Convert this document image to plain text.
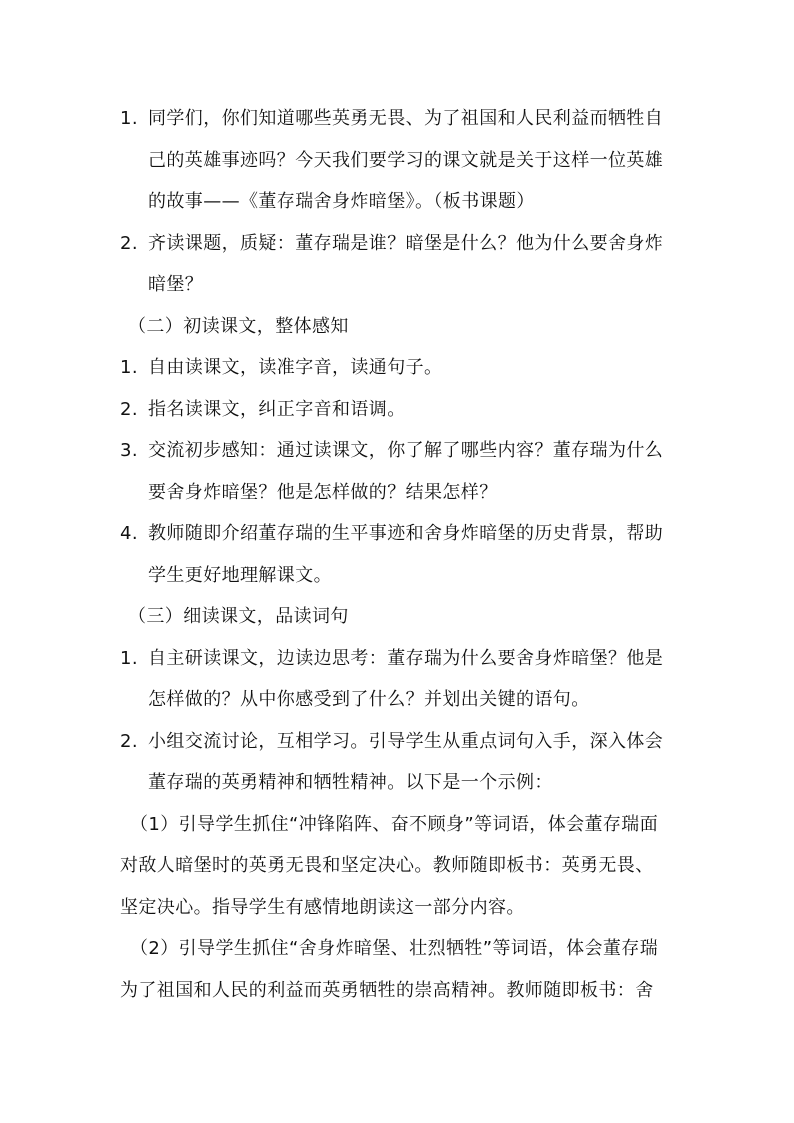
1. 同学们，你们知道哪些英勇无畏、为了祖国和人民利益而牺牲自
己的英雄事迹吗？今天我们要学习的课文就是关于这样一位英雄
的故事——《董存瑞舍身炸暗堡》。（板书课题）
2. 齐读课题，质疑：董存瑞是谁？暗堡是什么？他为什么要舍身炸
暗堡？
（二）初读课文，整体感知
1. 自由读课文，读准字音，读通句子。
2. 指名读课文，纠正字音和语调。
3. 交流初步感知：通过读课文，你了解了哪些内容？董存瑞为什么
要舍身炸暗堡？他是怎样做的？结果怎样？
4. 教师随即介绍董存瑞的生平事迹和舍身炸暗堡的历史背景，帮助
学生更好地理解课文。
（三）细读课文，品读词句
1. 自主研读课文，边读边思考：董存瑞为什么要舍身炸暗堡？他是
怎样做的？从中你感受到了什么？并划出关键的语句。
2. 小组交流讨论，互相学习。引导学生从重点词句入手，深入体会
董存瑞的英勇精神和牺牲精神。以下是一个示例：
（1）引导学生抓住“冲锋陷阵、奋不顾身”等词语，体会董存瑞面
对敌人暗堡时的英勇无畏和坚定决心。教师随即板书：英勇无畏、
坚定决心。指导学生有感情地朗读这一部分内容。
（2）引导学生抓住“舍身炸暗堡、壮烈牺牲”等词语，体会董存瑞
为了祖国和人民的利益而英勇牺牲的崇高精神。教师随即板书：舍
